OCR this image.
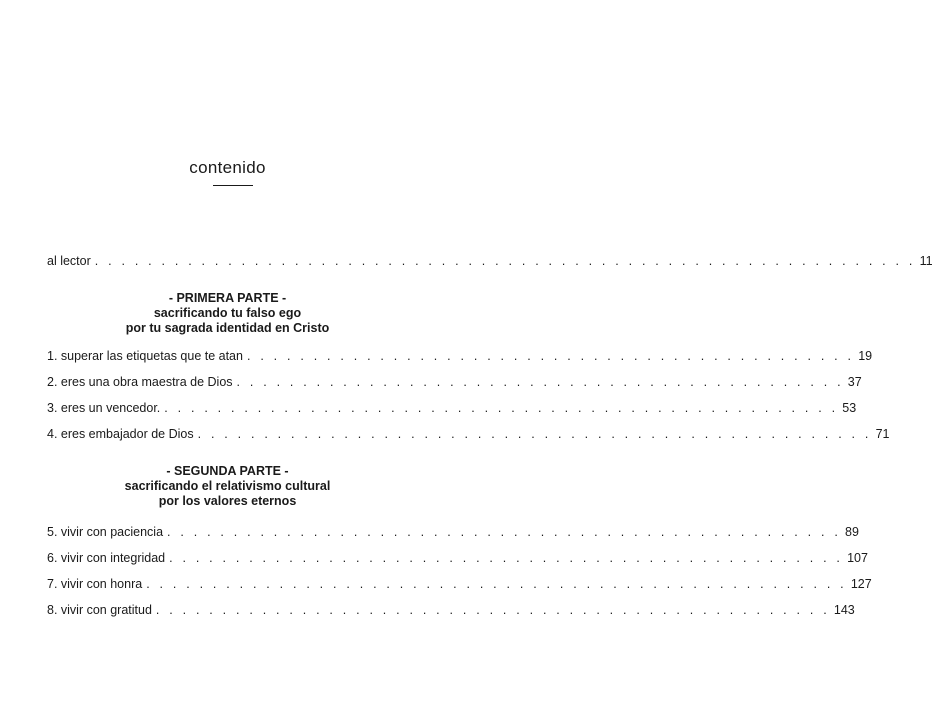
contenido
al lector . . . . . . . . . . . . . . . . . . . . . . . . . . . . . . . . . . . . . . . . . . . . . . . . . . . . . . . . . . . . . . 11
- PRIMERA PARTE -
sacrificando tu falso ego
por tu sagrada identidad en Cristo
1. superar las etiquetas que te atan . . . . . . . . . . . . . . . . . . . . . . . . . . . . . . . . . . . . . . . . . . . . . . 19
2. eres una obra maestra de Dios . . . . . . . . . . . . . . . . . . . . . . . . . . . . . . . . . . . . . . . . . . . . . . 37
3. eres un vencedor. . . . . . . . . . . . . . . . . . . . . . . . . . . . . . . . . . . . . . . . . . . . . . . . . . . . 53
4. eres embajador de Dios . . . . . . . . . . . . . . . . . . . . . . . . . . . . . . . . . . . . . . . . . . . . . . . . . . . 71
- SEGUNDA PARTE -
sacrificando el relativismo cultural
por los valores eternos
5. vivir con paciencia . . . . . . . . . . . . . . . . . . . . . . . . . . . . . . . . . . . . . . . . . . . . . . . . . . . 89
6. vivir con integridad . . . . . . . . . . . . . . . . . . . . . . . . . . . . . . . . . . . . . . . . . . . . . . . . . . . 107
7. vivir con honra . . . . . . . . . . . . . . . . . . . . . . . . . . . . . . . . . . . . . . . . . . . . . . . . . . . . . 127
8. vivir con gratitud . . . . . . . . . . . . . . . . . . . . . . . . . . . . . . . . . . . . . . . . . . . . . . . . . . . 143
